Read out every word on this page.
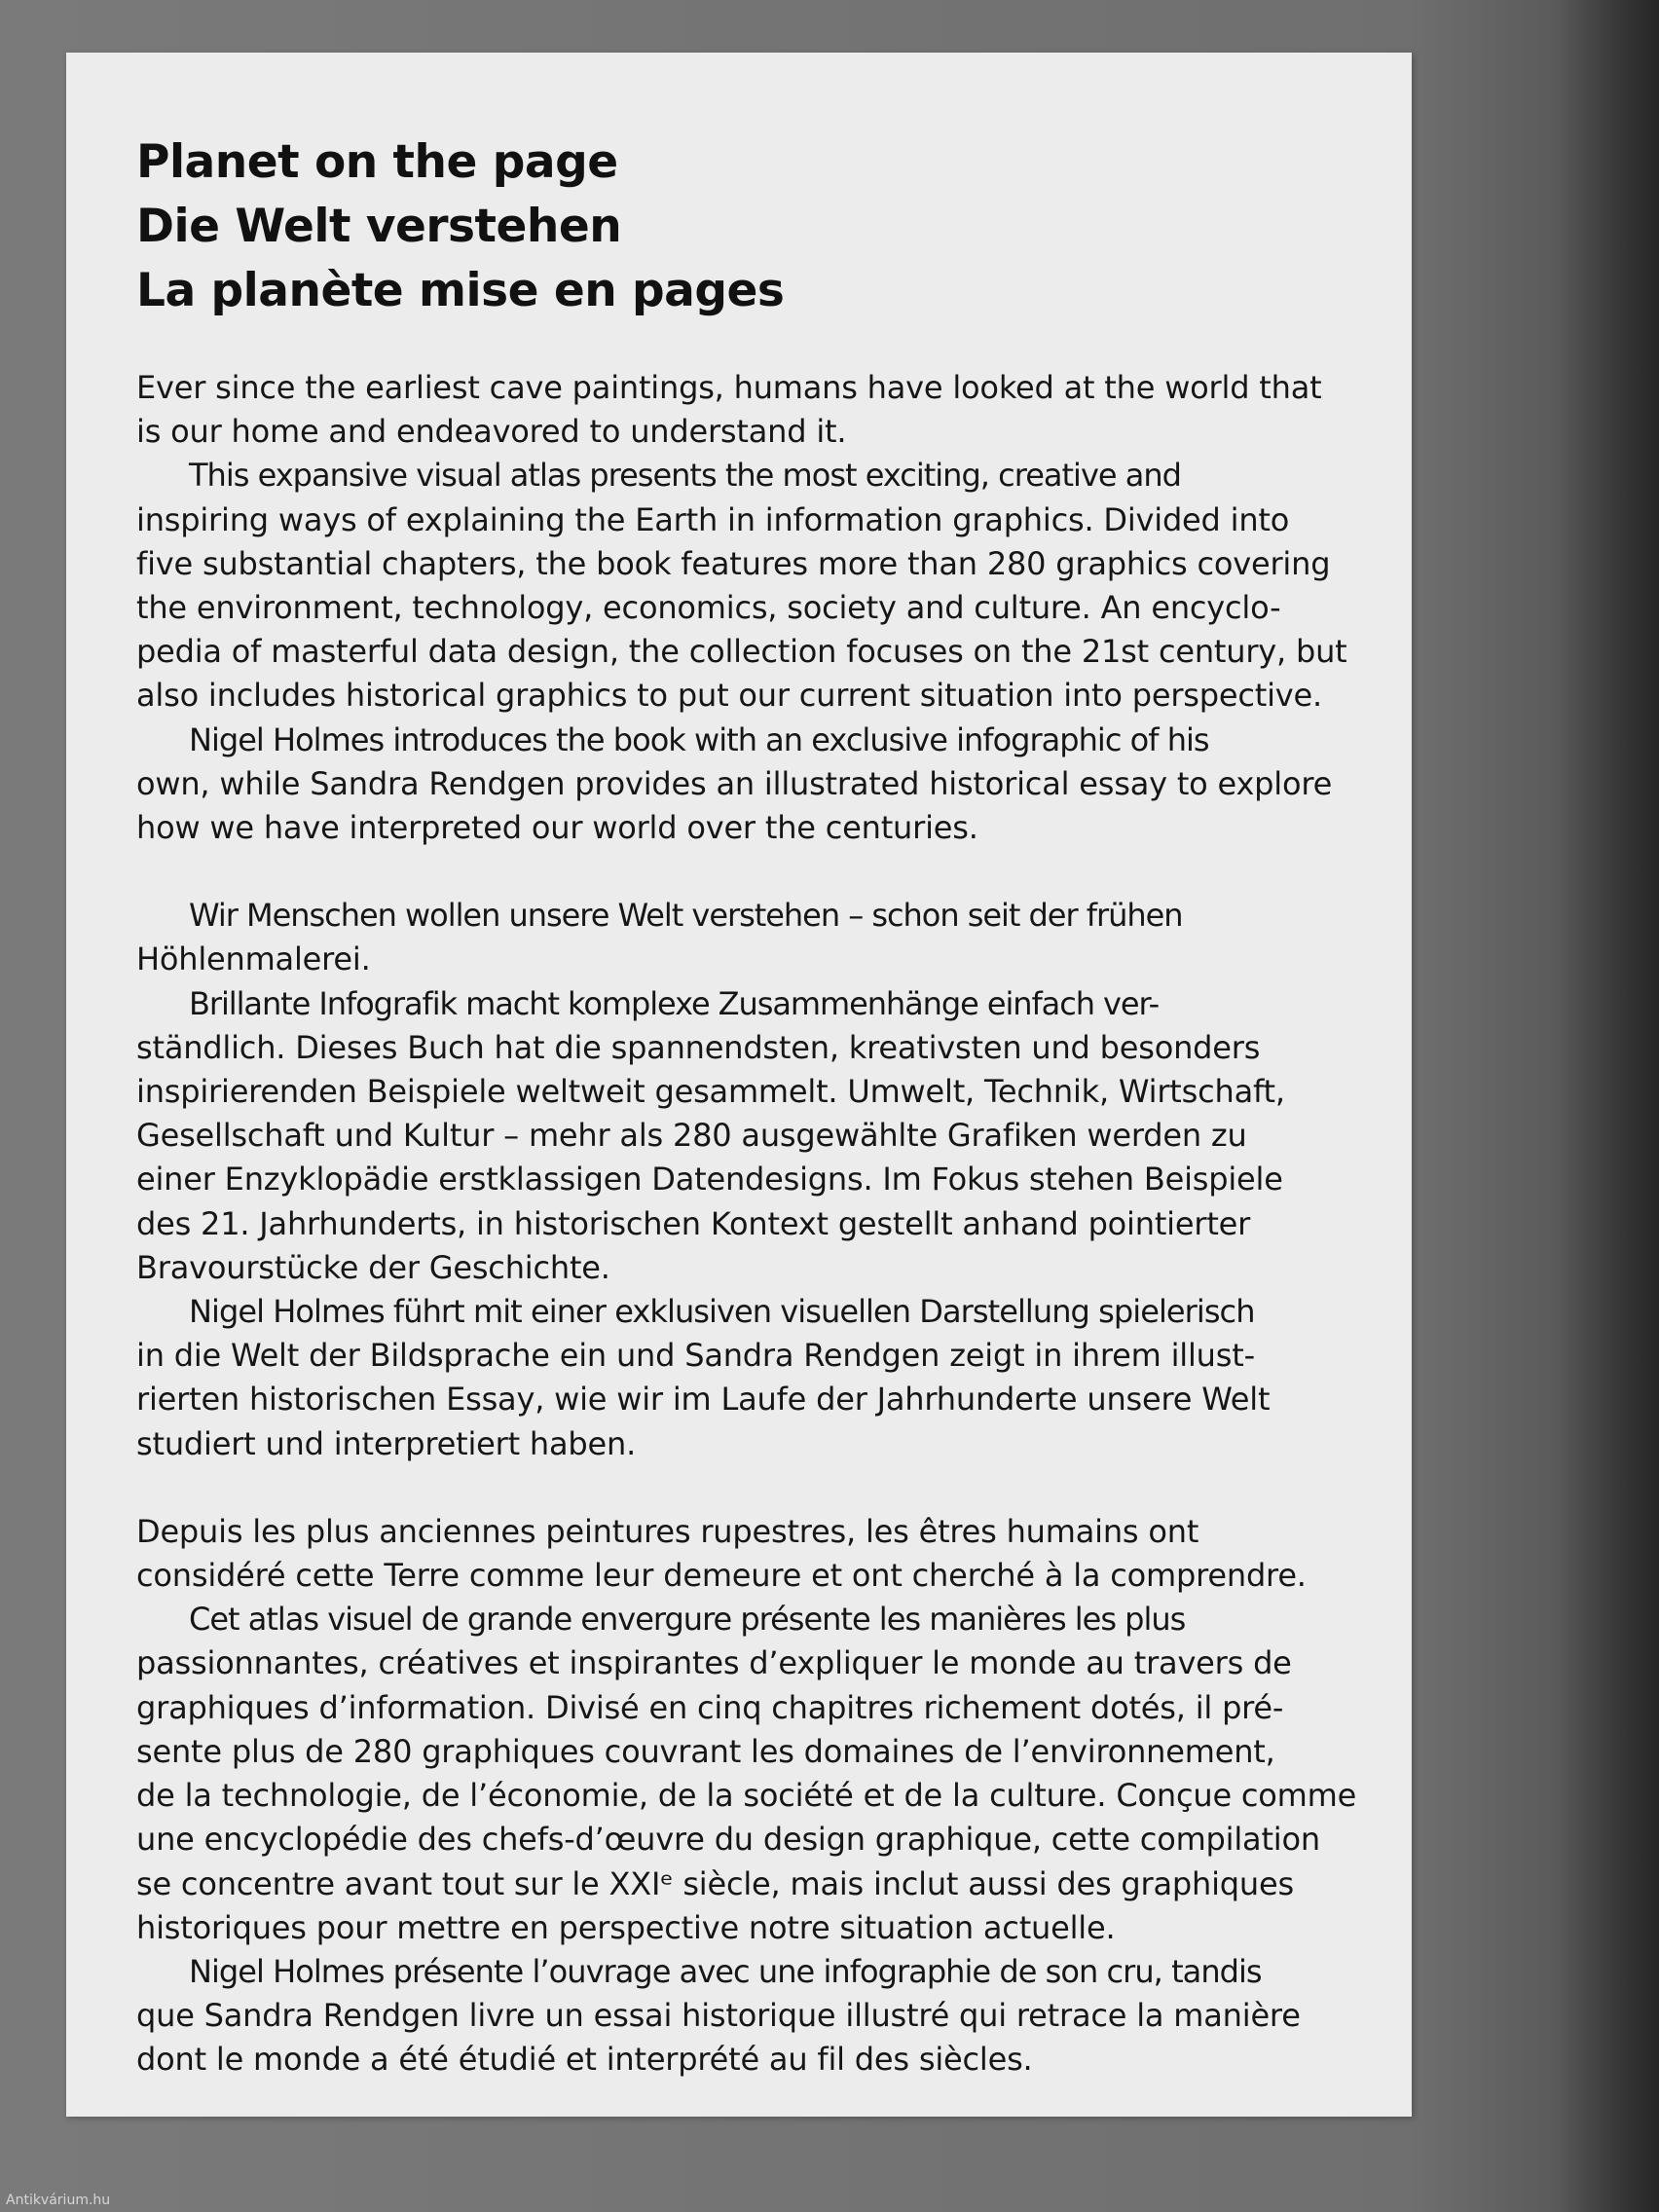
Planet on the page
Die Welt verstehen
La planète mise en pages
Ever since the earliest cave paintings, humans have looked at the world that
is our home and endeavored to understand it.
This expansive visual atlas presents the most exciting, creative and
inspiring ways of explaining the Earth in information graphics. Divided into
five substantial chapters, the book features more than 280 graphics covering
the environment, technology, economics, society and culture. An encyclo-
pedia of masterful data design, the collection focuses on the 21st century, but
also includes historical graphics to put our current situation into perspective.
Nigel Holmes introduces the book with an exclusive infographic of his
own, while Sandra Rendgen provides an illustrated historical essay to explore
how we have interpreted our world over the centuries.
Wir Menschen wollen unsere Welt verstehen – schon seit der frühen
Höhlenmalerei.
Brillante Infografik macht komplexe Zusammenhänge einfach ver-
ständlich. Dieses Buch hat die spannendsten, kreativsten und besonders
inspirierenden Beispiele weltweit gesammelt. Umwelt, Technik, Wirtschaft,
Gesellschaft und Kultur – mehr als 280 ausgewählte Grafiken werden zu
einer Enzyklopädie erstklassigen Datendesigns. Im Fokus stehen Beispiele
des 21. Jahrhunderts, in historischen Kontext gestellt anhand pointierter
Bravourstücke der Geschichte.
Nigel Holmes führt mit einer exklusiven visuellen Darstellung spielerisch
in die Welt der Bildsprache ein und Sandra Rendgen zeigt in ihrem illust-
rierten historischen Essay, wie wir im Laufe der Jahrhunderte unsere Welt
studiert und interpretiert haben.
Depuis les plus anciennes peintures rupestres, les êtres humains ont
considéré cette Terre comme leur demeure et ont cherché à la comprendre.
Cet atlas visuel de grande envergure présente les manières les plus
passionnantes, créatives et inspirantes d’expliquer le monde au travers de
graphiques d’information. Divisé en cinq chapitres richement dotés, il pré-
sente plus de 280 graphiques couvrant les domaines de l’environnement,
de la technologie, de l’économie, de la société et de la culture. Conçue comme
une encyclopédie des chefs-d’œuvre du design graphique, cette compilation
se concentre avant tout sur le XXIᵉ siècle, mais inclut aussi des graphiques
historiques pour mettre en perspective notre situation actuelle.
Nigel Holmes présente l’ouvrage avec une infographie de son cru, tandis
que Sandra Rendgen livre un essai historique illustré qui retrace la manière
dont le monde a été étudié et interprété au fil des siècles.
Antikvárium.hu
